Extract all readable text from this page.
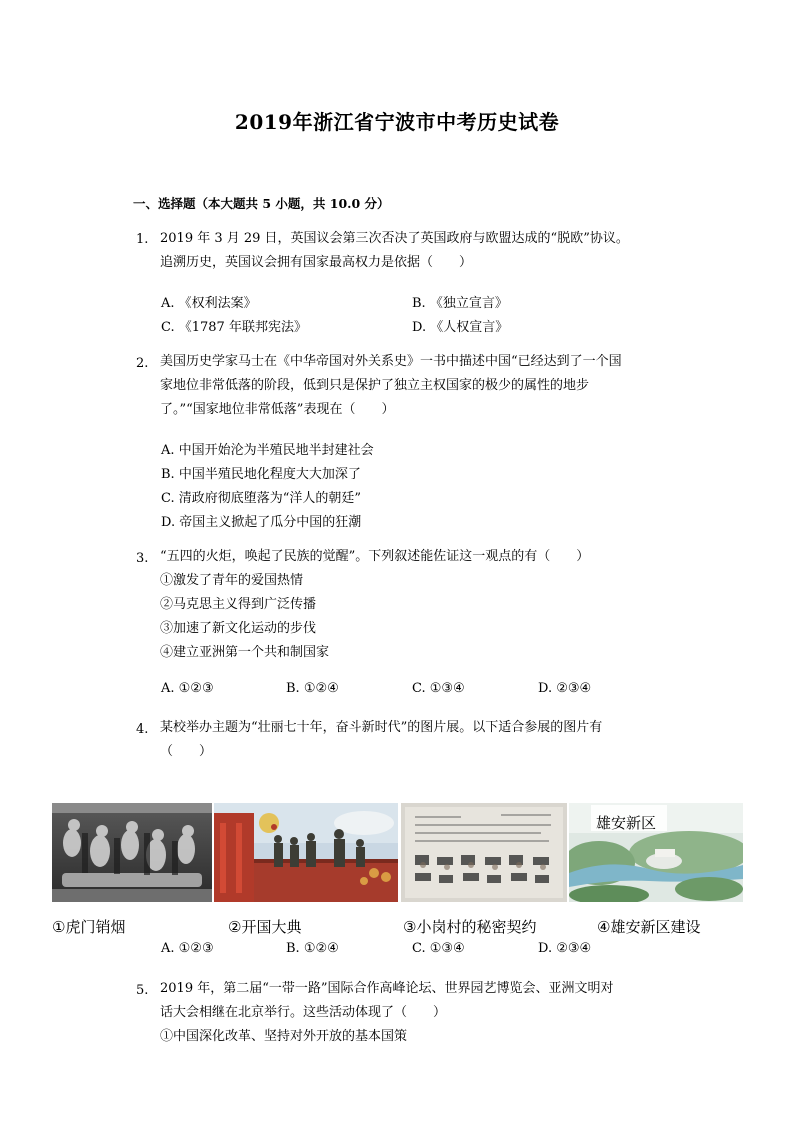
2019年浙江省宁波市中考历史试卷
一、选择题（本大题共 5 小题，共 10.0 分）
1. 2019 年 3 月 29 日，英国议会第三次否决了英国政府与欧盟达成的“脱欧”协议。
追溯历史，英国议会拥有国家最高权力是依据（　　）
A. 《权利法案》	B. 《独立宣言》
C. 《1787 年联邦宪法》	D. 《人权宣言》
2. 美国历史学家马士在《中华帝国对外关系史》一书中描述中国“已经达到了一个国
家地位非常低落的阶段，低到只是保护了独立主权国家的极少的属性的地步
了。”“国家地位非常低落”表现在（　　）
A. 中国开始沦为半殖民地半封建社会
B. 中国半殖民地化程度大大加深了
C. 清政府彻底堕落为“洋人的朝廷”
D. 帝国主义掀起了瓜分中国的狂潮
3. “五四的火炬，唤起了民族的觉醒”。下列叙述能佐证这一观点的有（　　）
①激发了青年的爱国热情
②马克思主义得到广泛传播
③加速了新文化运动的步伐
④建立亚洲第一个共和制国家
A. ①②③	B. ①②④	C. ①③④	D. ②③④
4. 某校举办主题为“壮丽七十年，奋斗新时代”的图片展。以下适合参展的图片有
（　　）
雄安新区
①虎门销烟	②开国大典	③小岗村的秘密契约	④雄安新区建设
A. ①②③	B. ①②④	C. ①③④	D. ②③④
5. 2019 年，第二届“一带一路”国际合作高峰论坛、世界园艺博览会、亚洲文明对
话大会相继在北京举行。这些活动体现了（　　）
①中国深化改革、坚持对外开放的基本国策
